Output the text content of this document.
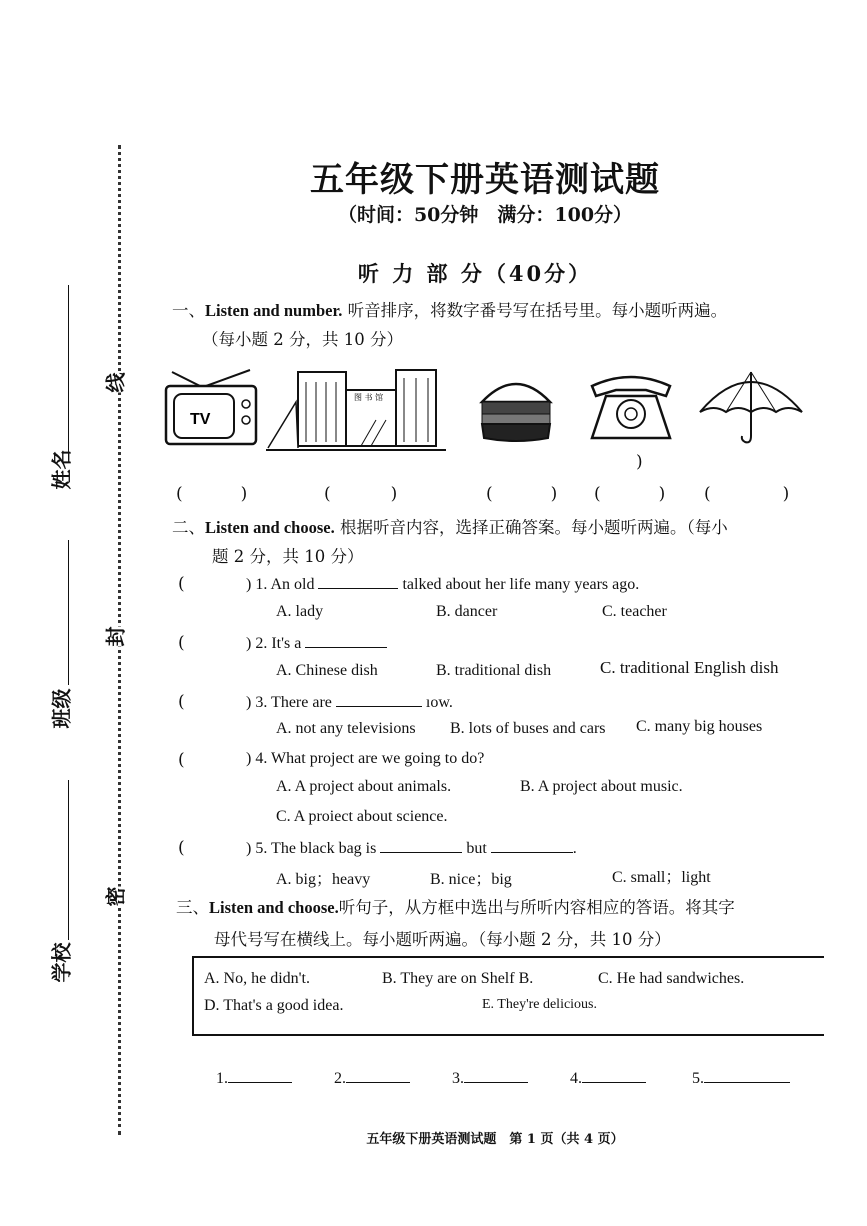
姓名
班级
学校
线
封
密
五年级下册英语测试题
（时间：50分钟　满分：100分）
听 力 部 分（40分）
一、Listen and number. 听音排序，将数字番号写在括号里。每小题听两遍。
（每小题 2 分，共 10 分）
TV
图 书 馆
)
(	)	(	)	(	) (	) (	)
二、Listen and choose. 根据听音内容，选择正确答案。每小题听两遍。（每小
题 2 分，共 10 分）
(	) 1. An old	talked about her life many years ago.
A. lady	B. dancer	C. teacher
(	) 2. It's a
A. Chinese dish	B. traditional dish	C. traditional English dish
(	) 3. There are	ıow.
A. not any televisions B. lots of buses and cars C. many big houses
(	) 4. What project are we going to do?
A. A project about animals.	B. A project about music.
C. A proiect about science.
(	) 5. The black bag is	but	.
A. big；heavy	B. nice；big	C. small；light
三、Listen and choose.听句子，从方框中选出与所听内容相应的答语。将其字
母代号写在横线上。每小题听两遍。（每小题 2 分，共 10 分）
A. No, he didn't.	B. They are on Shelf B.	C. He had sandwiches.
D. That's a good idea.	E. They're delicious.
1.	2.	3.	4.	5.
五年级下册英语测试题　第 1 页（共 4 页）
